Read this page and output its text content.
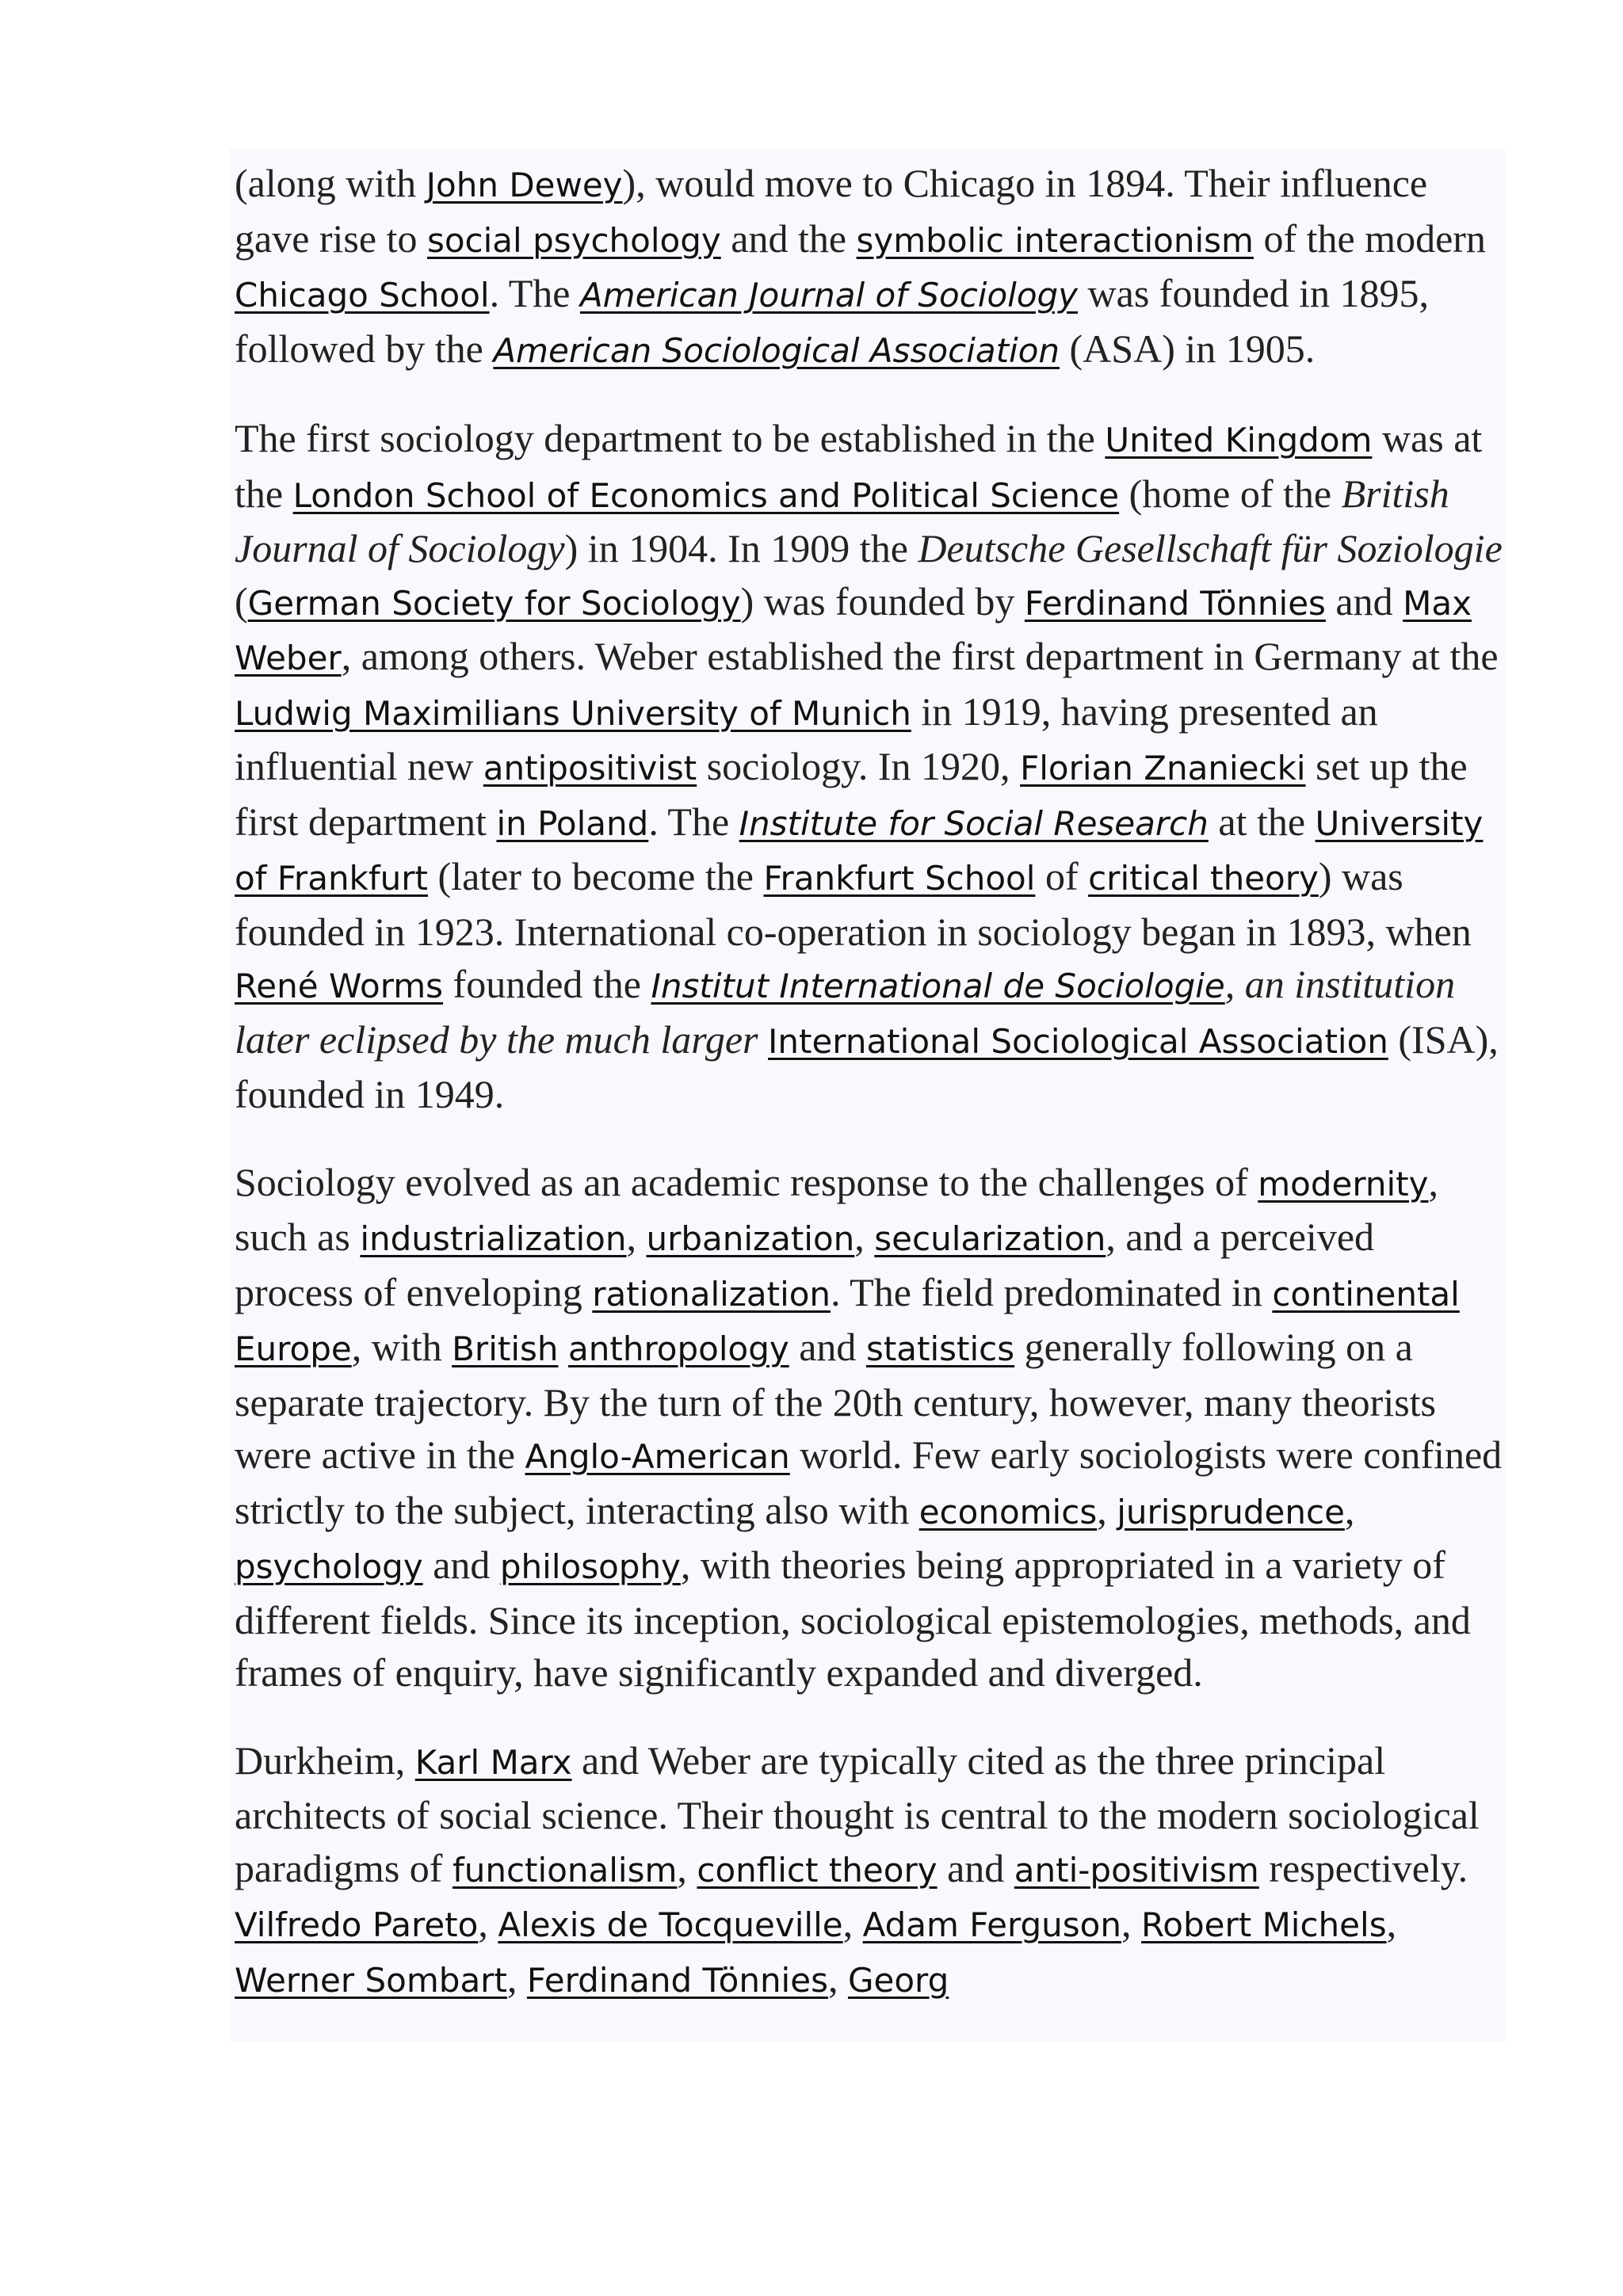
(along with John Dewey), would move to Chicago in 1894. Their influence gave rise to social psychology and the symbolic interactionism of the modern Chicago School. The American Journal of Sociology was founded in 1895, followed by the American Sociological Association (ASA) in 1905.

The first sociology department to be established in the United Kingdom was at the London School of Economics and Political Science (home of the British Journal of Sociology) in 1904. In 1909 the Deutsche Gesellschaft für Soziologie (German Society for Sociology) was founded by Ferdinand Tönnies and Max Weber, among others. Weber established the first department in Germany at the Ludwig Maximilians University of Munich in 1919, having presented an influential new antipositivist sociology. In 1920, Florian Znaniecki set up the first department in Poland. The Institute for Social Research at the University of Frankfurt (later to become the Frankfurt School of critical theory) was founded in 1923. International co-operation in sociology began in 1893, when René Worms founded the Institut International de Sociologie, an institution later eclipsed by the much larger International Sociological Association (ISA), founded in 1949.

Sociology evolved as an academic response to the challenges of modernity, such as industrialization, urbanization, secularization, and a perceived process of enveloping rationalization. The field predominated in continental Europe, with British anthropology and statistics generally following on a separate trajectory. By the turn of the 20th century, however, many theorists were active in the Anglo-American world. Few early sociologists were confined strictly to the subject, interacting also with economics, jurisprudence, psychology and philosophy, with theories being appropriated in a variety of different fields. Since its inception, sociological epistemologies, methods, and frames of enquiry, have significantly expanded and diverged.

Durkheim, Karl Marx and Weber are typically cited as the three principal architects of social science. Their thought is central to the modern sociological paradigms of functionalism, conflict theory and anti-positivism respectively. Vilfredo Pareto, Alexis de Tocqueville, Adam Ferguson, Robert Michels, Werner Sombart, Ferdinand Tönnies, Georg
